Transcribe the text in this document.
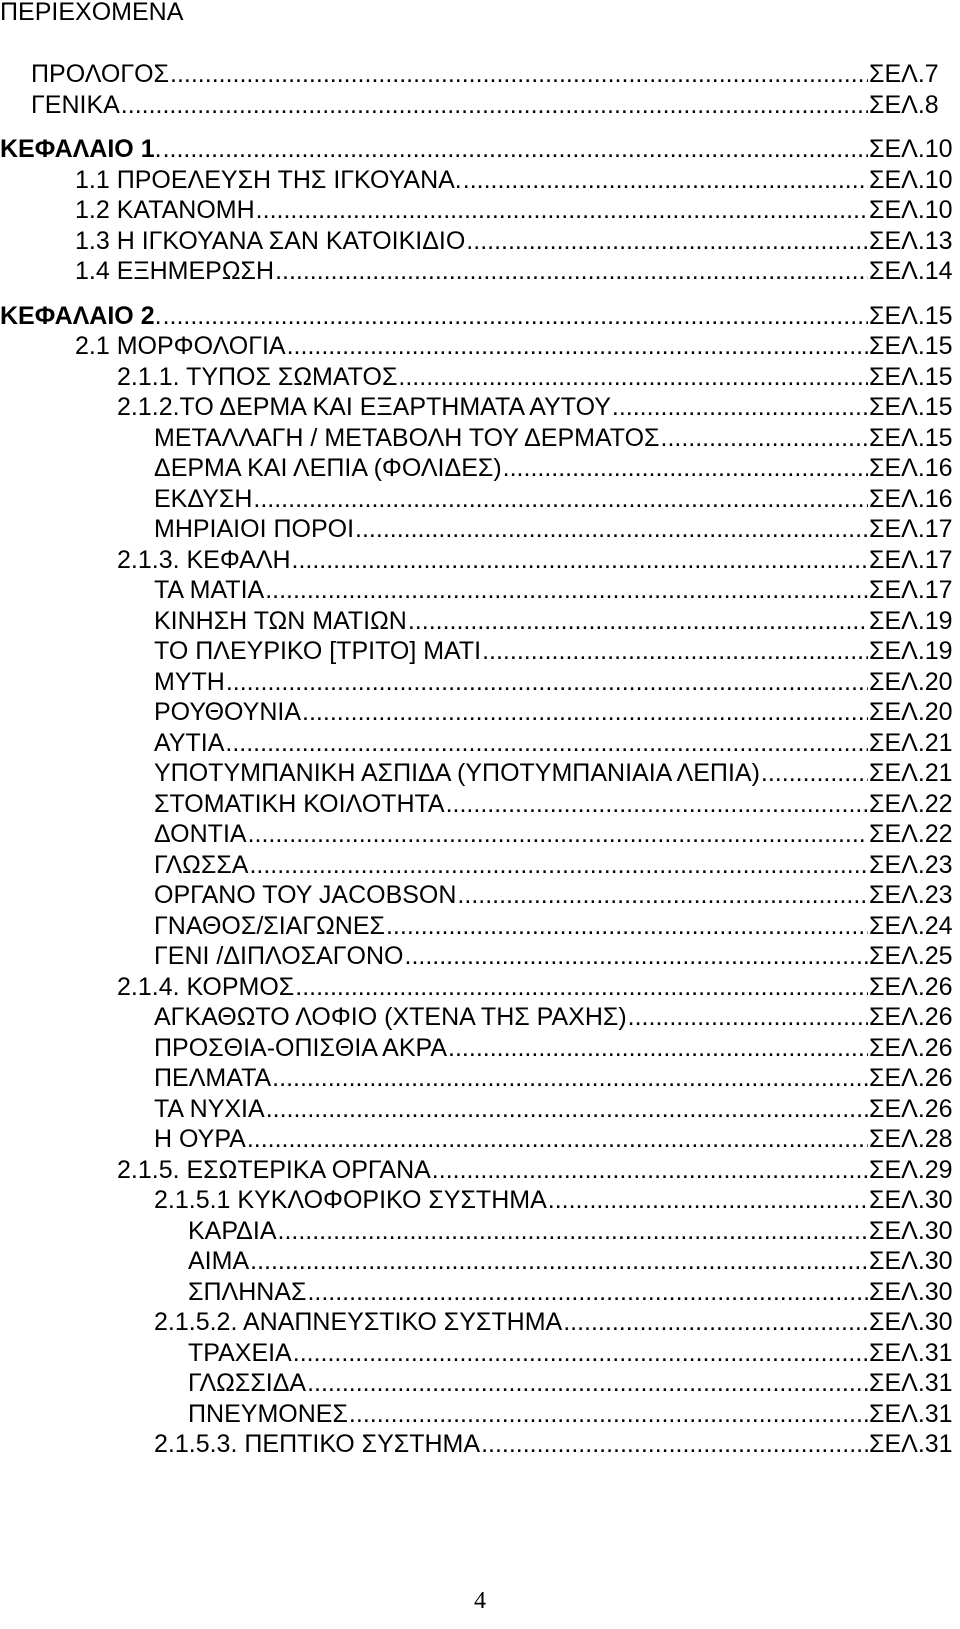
ΠΕΡΙΕΧΟΜΕΝΑ
ΠΡΟΛΟΓΟΣ .....	ΣΕΛ.7
ΓΕΝΙΚΑ .....	ΣΕΛ.8
ΚΕΦΑΛΑΙΟ 1. .....	ΣΕΛ.10
1.1 ΠΡΟΕΛΕΥΣΗ ΤΗΣ ΙΓΚΟΥΑΝΑ. .....	ΣΕΛ.10
1.2 ΚΑΤΑΝΟΜΗ .....	ΣΕΛ.10
1.3 Η ΙΓΚΟΥΑΝΑ ΣΑΝ ΚΑΤΟΙΚΙΔΙΟ .....	ΣΕΛ.13
1.4 ΕΞΗΜΕΡΩΣΗ .....	ΣΕΛ.14
ΚΕΦΑΛΑΙΟ 2. .....	ΣΕΛ.15
2.1 ΜΟΡΦΟΛΟΓΙΑ .....	ΣΕΛ.15
2.1.1. ΤΥΠΟΣ ΣΩΜΑΤΟΣ .....	ΣΕΛ.15
2.1.2.ΤΟ ΔΕΡΜΑ ΚΑΙ ΕΞΑΡΤΗΜΑΤΑ ΑΥΤΟΥ .....	ΣΕΛ.15
ΜΕΤΑΛΛΑΓΗ / ΜΕΤΑΒΟΛΗ ΤΟΥ ΔΕΡΜΑΤΟΣ .....	ΣΕΛ.15
ΔΕΡΜΑ ΚΑΙ ΛΕΠΙΑ (ΦΟΛΙΔΕΣ) .....	ΣΕΛ.16
ΕΚΔΥΣΗ .....	ΣΕΛ.16
ΜΗΡΙΑΙΟΙ ΠΟΡΟΙ .....	ΣΕΛ.17
2.1.3. ΚΕΦΑΛΗ .....	ΣΕΛ.17
ΤΑ ΜΑΤΙΑ .....	ΣΕΛ.17
ΚΙΝΗΣΗ ΤΩΝ ΜΑΤΙΩΝ .....	ΣΕΛ.19
ΤΟ ΠΛΕΥΡΙΚΟ [ΤΡΙΤΟ] ΜΑΤΙ .....	ΣΕΛ.19
ΜΥΤΗ .....	ΣΕΛ.20
ΡΟΥΘΟΥΝΙΑ .....	ΣΕΛ.20
ΑΥΤΙΑ .....	ΣΕΛ.21
ΥΠΟΤΥΜΠΑΝΙΚΗ ΑΣΠΙΔΑ (ΥΠΟΤΥΜΠΑΝΙΑΙΑ ΛΕΠΙΑ) .....	ΣΕΛ.21
ΣΤΟΜΑΤΙΚΗ ΚΟΙΛΟΤΗΤΑ .....	ΣΕΛ.22
ΔΟΝΤΙΑ .....	ΣΕΛ.22
ΓΛΩΣΣΑ .....	ΣΕΛ.23
ΟΡΓΑΝΟ ΤΟΥ JACOBSON .....	ΣΕΛ.23
ΓΝΑΘΟΣ/ΣΙΑΓΩΝΕΣ .....	ΣΕΛ.24
ΓΕΝΙ /ΔΙΠΛΟΣΑΓΟΝΟ .....	ΣΕΛ.25
2.1.4. ΚΟΡΜΟΣ .....	ΣΕΛ.26
ΑΓΚΑΘΩΤΟ ΛΟΦΙΟ (ΧΤΕΝΑ ΤΗΣ ΡΑΧΗΣ) .....	ΣΕΛ.26
ΠΡΟΣΘΙΑ-ΟΠΙΣΘΙΑ ΑΚΡΑ .....	ΣΕΛ.26
ΠΕΛΜΑΤΑ .....	ΣΕΛ.26
ΤΑ ΝΥΧΙΑ .....	ΣΕΛ.26
Η ΟΥΡΑ .....	ΣΕΛ.28
2.1.5. ΕΣΩΤΕΡΙΚΑ ΟΡΓΑΝΑ .....	ΣΕΛ.29
2.1.5.1 ΚΥΚΛΟΦΟΡΙΚΟ ΣΥΣΤΗΜΑ .....	ΣΕΛ.30
ΚΑΡΔΙΑ .....	ΣΕΛ.30
ΑΙΜΑ .....	ΣΕΛ.30
ΣΠΛΗΝΑΣ .....	ΣΕΛ.30
2.1.5.2. ΑΝΑΠΝΕΥΣΤΙΚΟ ΣΥΣΤΗΜΑ .....	ΣΕΛ.30
ΤΡΑΧΕΙΑ .....	ΣΕΛ.31
ΓΛΩΣΣΙΔΑ .....	ΣΕΛ.31
ΠΝΕΥΜΟΝΕΣ .....	ΣΕΛ.31
2.1.5.3. ΠΕΠΤΙΚΟ ΣΥΣΤΗΜΑ .....	ΣΕΛ.31
4
